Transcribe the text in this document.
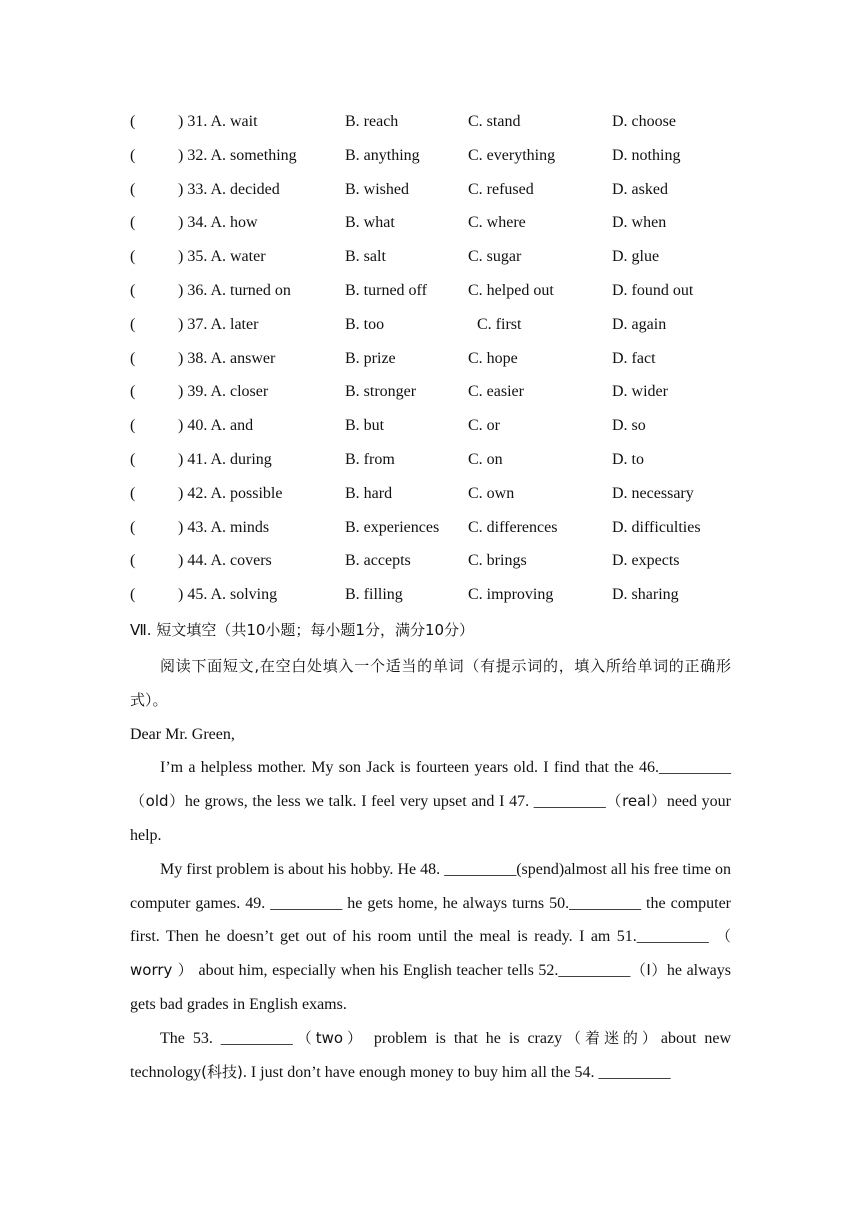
(	) 31. A. wait	B. reach	C. stand	D. choose
(	) 32. A. something	B. anything	C. everything	D. nothing
(	) 33. A. decided	B. wished	C. refused	D. asked
(	) 34. A. how	B. what	C. where	D. when
(	) 35. A. water	B. salt	C. sugar	D. glue
(	) 36. A. turned on	B. turned off	C. helped out	D. found out
(	) 37. A. later	B. too	C. first	D. again
(	) 38. A. answer	B. prize	C. hope	D. fact
(	) 39. A. closer	B. stronger	C. easier	D. wider
(	) 40. A. and	B. but	C. or	D. so
(	) 41. A. during	B. from	C. on	D. to
(	) 42. A. possible	B. hard	C. own	D. necessary
(	) 43. A. minds	B. experiences C. differences	D. difficulties
(	) 44. A. covers	B. accepts	C. brings	D. expects
(	) 45. A. solving	B. filling	C. improving	D. sharing
Ⅶ. 短文填空（共10小题；每小题1分，满分10分）

阅读下面短文,在空白处填入一个适当的单词（有提示词的，填入所给单词的正确形式）。

Dear Mr. Green,

I’m a helpless mother. My son Jack is fourteen years old. I find that the 46._________（old）he grows, the less we talk. I feel very upset and I 47. _________（real）need your help.

My first problem is about his hobby. He 48. _________(spend)almost all his free time on computer games. 49. _________ he gets home, he always turns 50._________ the computer first. Then he doesn’t get out of his room until the meal is ready. I am 51._________ （ worry ） about him, especially when his English teacher tells 52._________（I）he always gets bad grades in English exams.

The 53. _________（two） problem is that he is crazy（着迷的）about new technology(科技). I just don’t have enough money to buy him all the 54. _________
